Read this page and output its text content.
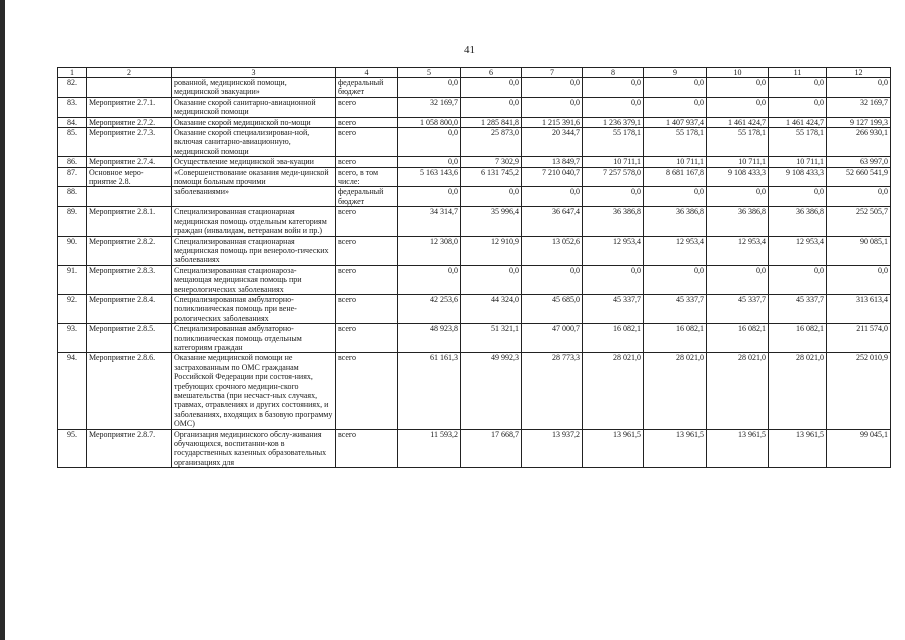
41
1	2	3	4	5	6	7	8	9	10	11	12
82.		рованной, медицинской помощи, медицинской эвакуации»	федеральный бюджет	0,0	0,0	0,0	0,0	0,0	0,0	0,0	0,0
83.	Мероприятие 2.7.1.	Оказание скорой санитарно-авиационной медицинской помощи	всего	32 169,7	0,0	0,0	0,0	0,0	0,0	0,0	32 169,7
84.	Мероприятие 2.7.2.	Оказание скорой медицинской по-мощи	всего	1 058 800,0	1 285 841,8	1 215 391,6	1 236 379,1	1 407 937,4	1 461 424,7	1 461 424,7	9 127 199,3
85.	Мероприятие 2.7.3.	Оказание скорой специализирован-ной, включая санитарно-авиационную, медицинской помощи	всего	0,0	25 873,0	20 344,7	55 178,1	55 178,1	55 178,1	55 178,1	266 930,1
86.	Мероприятие 2.7.4.	Осуществление медицинской эва-куации	всего	0,0	7 302,9	13 849,7	10 711,1	10 711,1	10 711,1	10 711,1	63 997,0
87.	Основное меро-приятие 2.8.	«Совершенствование оказания меди-цинской помощи больным прочими	всего, в том числе:	5 163 143,6	6 131 745,2	7 210 040,7	7 257 578,0	8 681 167,8	9 108 433,3	9 108 433,3	52 660 541,9
88.		заболеваниями»	федеральный бюджет	0,0	0,0	0,0	0,0	0,0	0,0	0,0	0,0
89.	Мероприятие 2.8.1.	Специализированная стационарная медицинская помощь отдельным категориям граждан (инвалидам, ветеранам войн и пр.)	всего	34 314,7	35 996,4	36 647,4	36 386,8	36 386,8	36 386,8	36 386,8	252 505,7
90.	Мероприятие 2.8.2.	Специализированная стационарная медицинская помощь при венероло-гических заболеваниях	всего	12 308,0	12 910,9	13 052,6	12 953,4	12 953,4	12 953,4	12 953,4	90 085,1
91.	Мероприятие 2.8.3.	Специализированная стационароза-мещающая медицинская помощь при венерологических заболеваниях	всего	0,0	0,0	0,0	0,0	0,0	0,0	0,0	0,0
92.	Мероприятие 2.8.4.	Специализированная амбулаторно-поликлиническая помощь при вене-рологических заболеваниях	всего	42 253,6	44 324,0	45 685,0	45 337,7	45 337,7	45 337,7	45 337,7	313 613,4
93.	Мероприятие 2.8.5.	Специализированная амбулаторно-поликлиническая помощь отдельным категориям граждан	всего	48 923,8	51 321,1	47 000,7	16 082,1	16 082,1	16 082,1	16 082,1	211 574,0
94.	Мероприятие 2.8.6.	Оказание медицинской помощи не застрахованным по ОМС гражданам Российской Федерации при состоя-ниях, требующих срочного медицин-ского вмешательства (при несчаст-ных случаях, травмах, отравлениях и других состояниях, и заболеваниях, входящих в базовую программу ОМС)	всего	61 161,3	49 992,3	28 773,3	28 021,0	28 021,0	28 021,0	28 021,0	252 010,9
95.	Мероприятие 2.8.7.	Организация медицинского обслу-живания обучающихся, воспитанни-ков в государственных казенных образовательных организациях для	всего	11 593,2	17 668,7	13 937,2	13 961,5	13 961,5	13 961,5	13 961,5	99 045,1
